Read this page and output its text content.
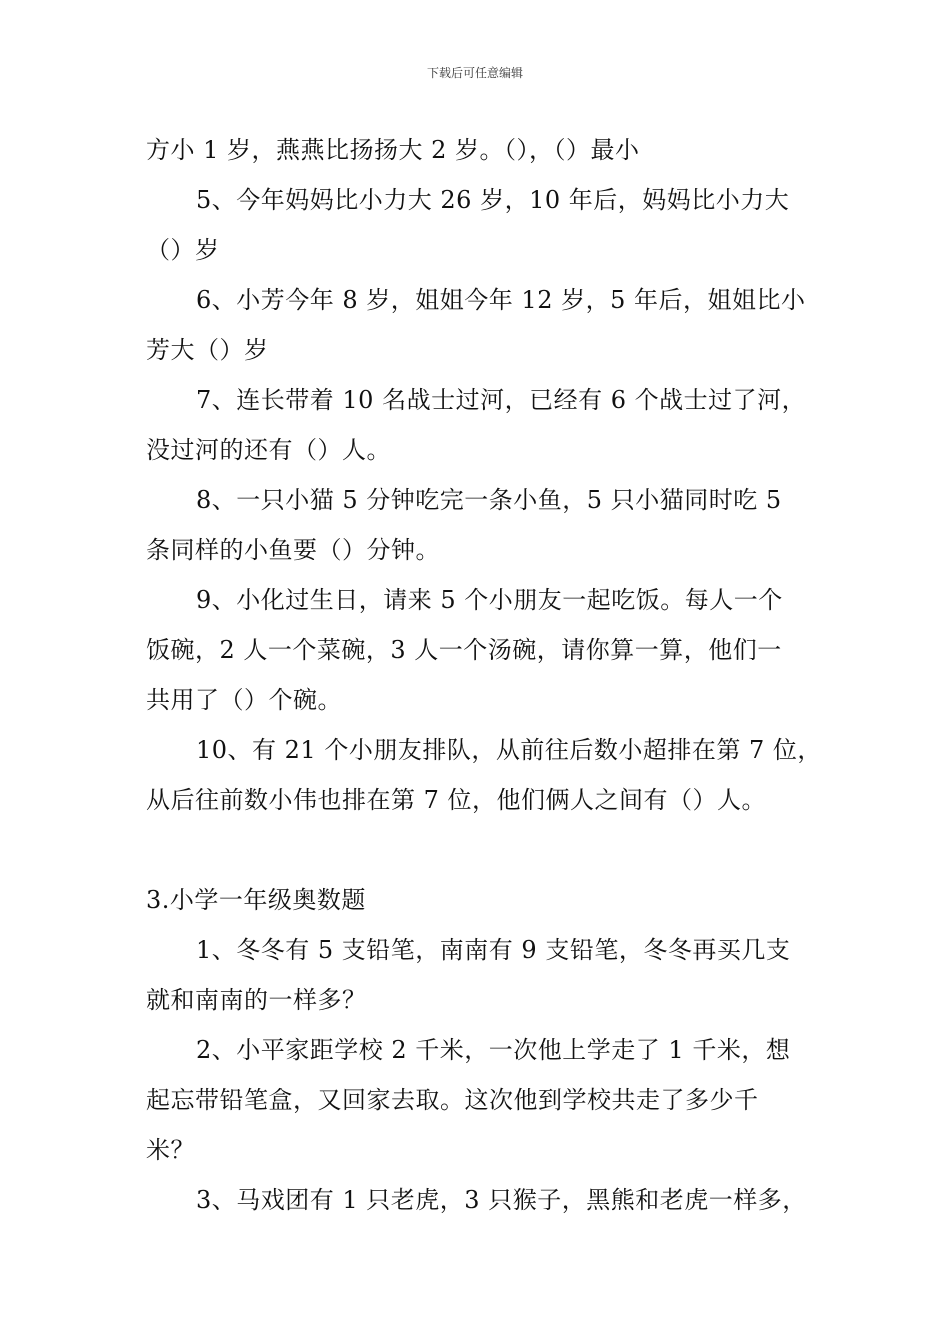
下载后可任意编辑
方小 1 岁，燕燕比扬扬大 2 岁。（），（）最小
5、今年妈妈比小力大 26 岁，10 年后，妈妈比小力大
（）岁
6、小芳今年 8 岁，姐姐今年 12 岁，5 年后，姐姐比小
芳大（）岁
7、连长带着 10 名战士过河，已经有 6 个战士过了河，
没过河的还有（）人。
8、一只小猫 5 分钟吃完一条小鱼，5 只小猫同时吃 5
条同样的小鱼要（）分钟。
9、小化过生日，请来 5 个小朋友一起吃饭。每人一个
饭碗，2 人一个菜碗，3 人一个汤碗，请你算一算，他们一
共用了（）个碗。
10、有 21 个小朋友排队，从前往后数小超排在第 7 位，
从后往前数小伟也排在第 7 位，他们俩人之间有（）人。
3.小学一年级奥数题
1、冬冬有 5 支铅笔，南南有 9 支铅笔，冬冬再买几支
就和南南的一样多？
2、小平家距学校 2 千米，一次他上学走了 1 千米，想
起忘带铅笔盒，又回家去取。这次他到学校共走了多少千
米？
3、马戏团有 1 只老虎，3 只猴子，黑熊和老虎一样多，
